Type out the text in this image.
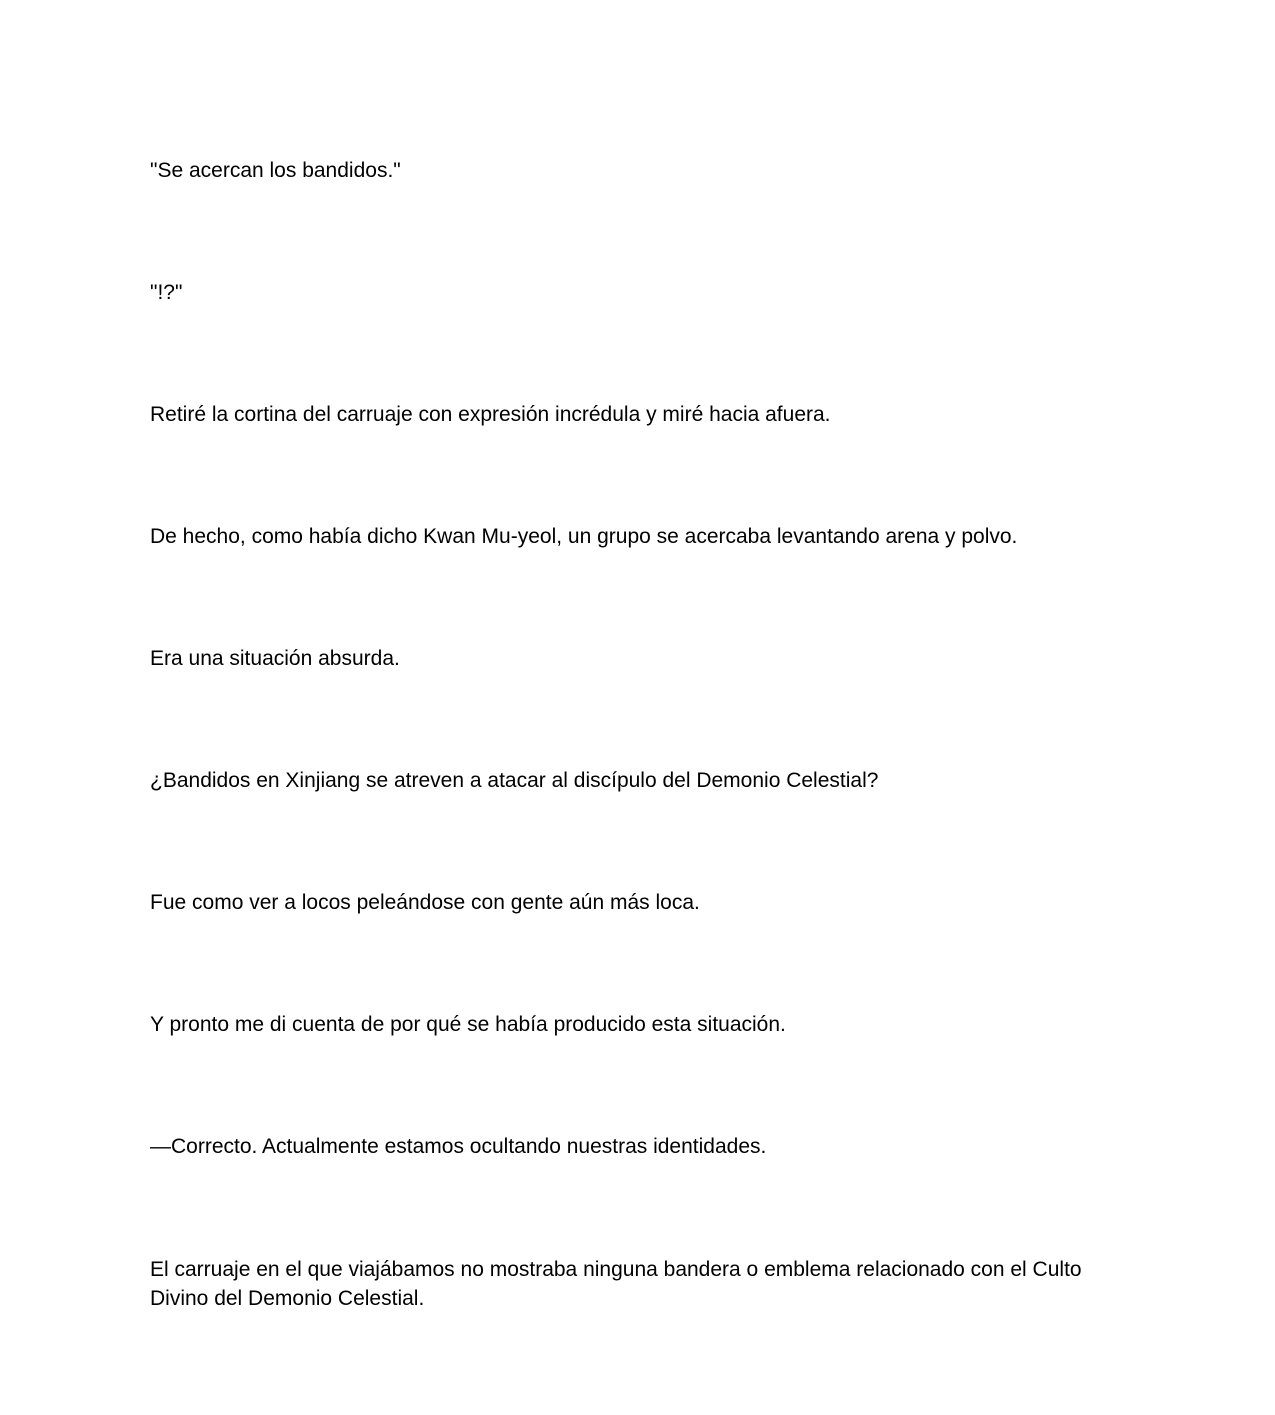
"Se acercan los bandidos."

"!?"

Retiré la cortina del carruaje con expresión incrédula y miré hacia afuera.

De hecho, como había dicho Kwan Mu-yeol, un grupo se acercaba levantando arena y polvo.

Era una situación absurda.

¿Bandidos en Xinjiang se atreven a atacar al discípulo del Demonio Celestial?

Fue como ver a locos peleándose con gente aún más loca.

Y pronto me di cuenta de por qué se había producido esta situación.

—Correcto. Actualmente estamos ocultando nuestras identidades.

El carruaje en el que viajábamos no mostraba ninguna bandera o emblema relacionado con el Culto Divino del Demonio Celestial.
